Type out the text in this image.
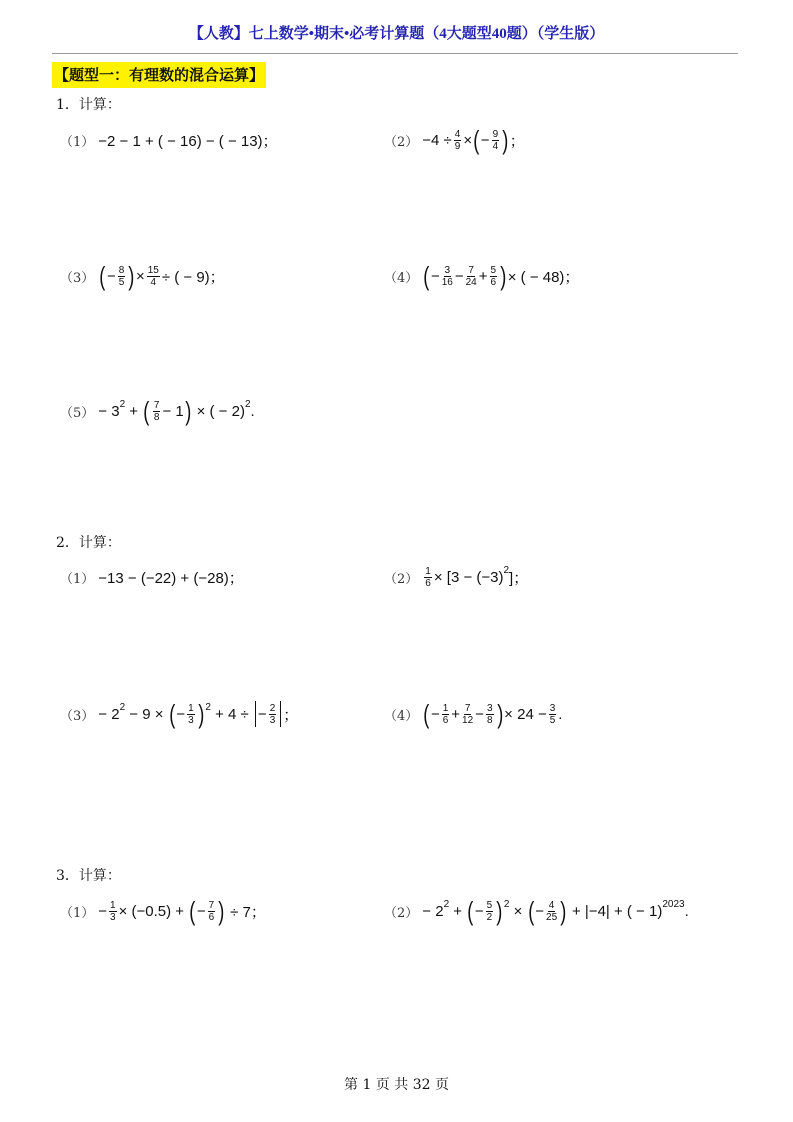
【人教】七上数学•期末•必考计算题（4大题型40题）（学生版）
【题型一：有理数的混合运算】
1．计算：
（1） −2 − 1 + ( − 16) − ( − 13)；	$(2) -4 \div \frac{4}{9}$ × ( − $\frac{9}{4}$ ) ；
（3） ( − $\frac{8}{5}$ ) × $\frac{15}{4}$ ÷ ( − 9)；	（4） ( − $\frac{3}{16} - \frac{7}{24} + \frac{5}{6}$ ) × ( − 48)；
（5） − 3 2 + ( $\frac{7}{8} - 1$ ) × ( − 2) 2 .
2．计算：
（1） −13 − (−22) + (−28)；	$(2) \frac{1}{6} \times [3 - (-3)$ 2 ]；
（3） − 2 2 − 9 × ( − $\frac{1}{3}$ ) 2 + 4 ÷ − $\frac{2}{3}$ ；	（4） ( − $\frac{1}{6} + \frac{7}{12} - \frac{3}{8}$ ) × $24 - \frac{3}{5}$ .
3．计算：
$(1) - \frac{1}{3} \times (-0.5)$ + ( − $\frac{7}{6}$ ) ÷ 7；	（2） − 2 2 + ( − $\frac{5}{2}$ ) 2 × ( − $\frac{4}{25}$ ) + |−4| + ( − 1) 2023 .
第 1 页 共 32 页
